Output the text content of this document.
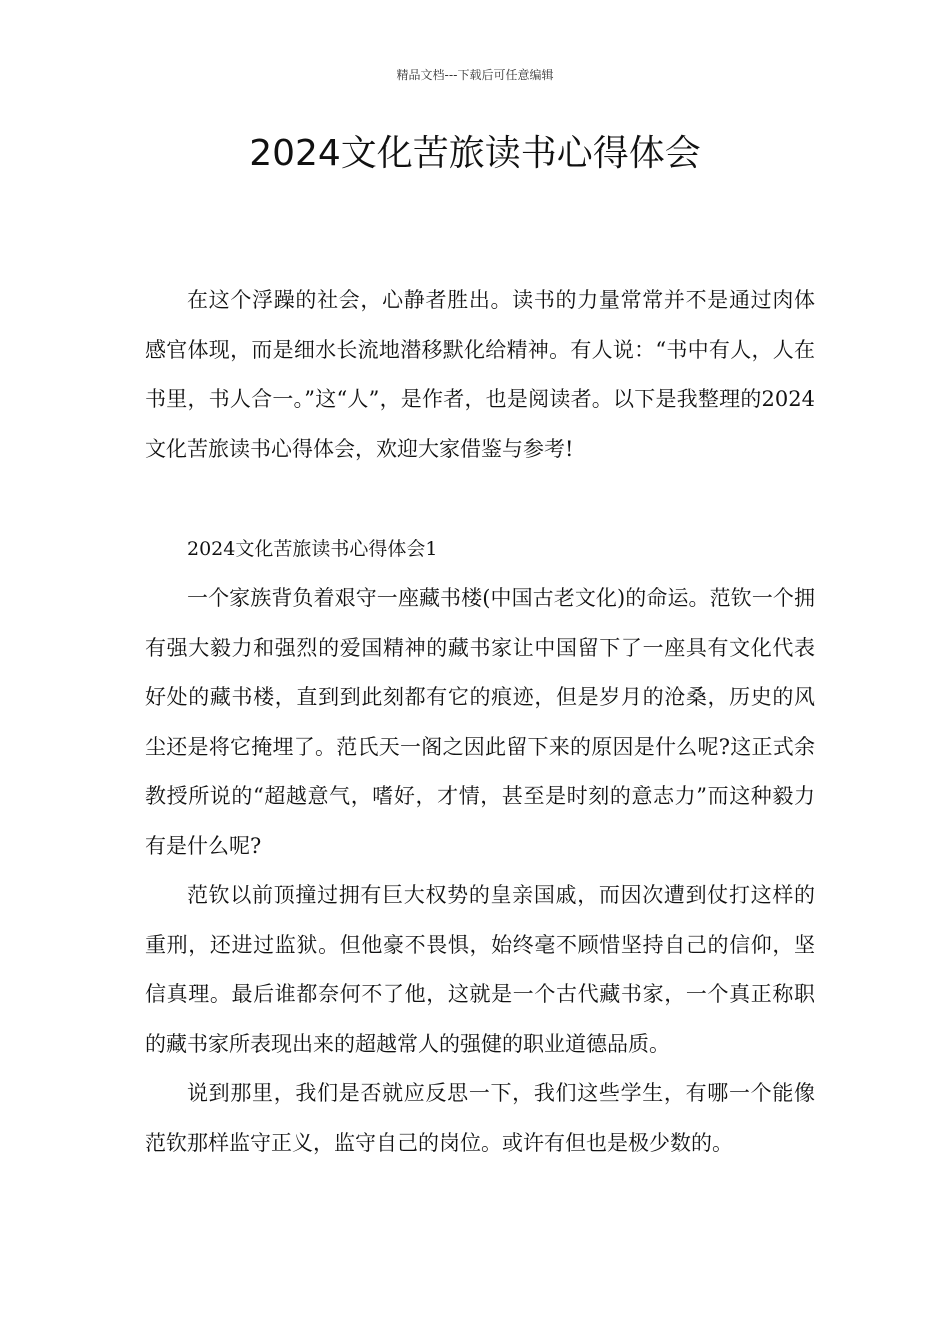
精品文档---下载后可任意编辑
2024文化苦旅读书心得体会

在这个浮躁的社会，心静者胜出。读书的力量常常并不是通过肉体感官体现，而是细水长流地潜移默化给精神。有人说：“书中有人，人在书里，书人合一。”这“人”，是作者，也是阅读者。以下是我整理的2024文化苦旅读书心得体会，欢迎大家借鉴与参考!

2024文化苦旅读书心得体会1

一个家族背负着艰守一座藏书楼(中国古老文化)的命运。范钦一个拥有强大毅力和强烈的爱国精神的藏书家让中国留下了一座具有文化代表好处的藏书楼，直到到此刻都有它的痕迹，但是岁月的沧桑，历史的风尘还是将它掩埋了。范氏天一阁之因此留下来的原因是什么呢?这正式余教授所说的“超越意气，嗜好，才情，甚至是时刻的意志力”而这种毅力有是什么呢?

范钦以前顶撞过拥有巨大权势的皇亲国戚，而因次遭到仗打这样的重刑，还进过监狱。但他豪不畏惧，始终毫不顾惜坚持自己的信仰，坚信真理。最后谁都奈何不了他，这就是一个古代藏书家，一个真正称职的藏书家所表现出来的超越常人的强健的职业道德品质。

说到那里，我们是否就应反思一下，我们这些学生，有哪一个能像范钦那样监守正义，监守自己的岗位。或许有但也是极少数的。
